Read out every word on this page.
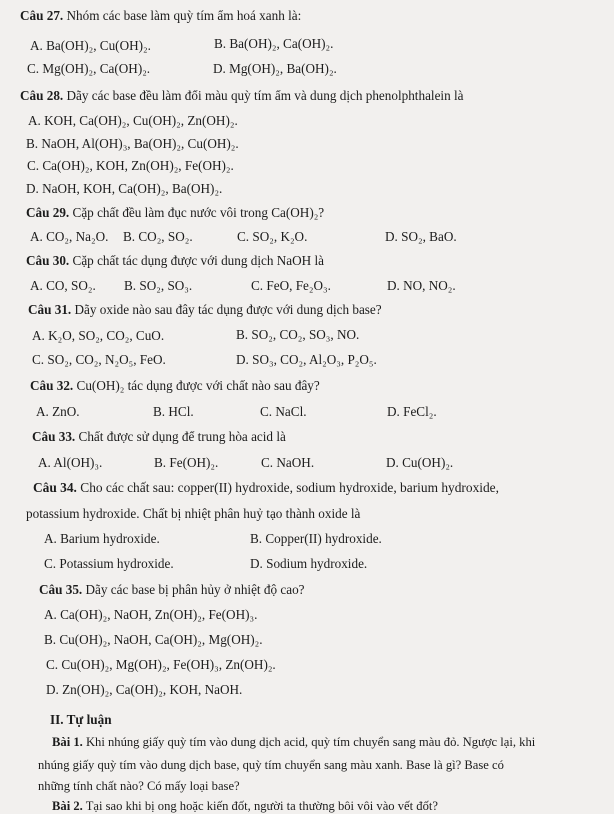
Câu 27. Nhóm các base làm quỳ tím ẩm hoá xanh là:
A. Ba(OH)₂, Cu(OH)₂.	B. Ba(OH)₂, Ca(OH)₂.
C. Mg(OH)₂, Ca(OH)₂.	D. Mg(OH)₂, Ba(OH)₂.
Câu 28. Dãy các base đều làm đổi màu quỳ tím ẩm và dung dịch phenolphthalein là
A. KOH, Ca(OH)₂, Cu(OH)₂, Zn(OH)₂.
B. NaOH, Al(OH)₃, Ba(OH)₂, Cu(OH)₂.
C. Ca(OH)₂, KOH, Zn(OH)₂, Fe(OH)₂.
D. NaOH, KOH, Ca(OH)₂, Ba(OH)₂.
Câu 29. Cặp chất đều làm đục nước vôi trong Ca(OH)₂?
A. CO₂, Na₂O. B. CO₂, SO₂.	C. SO₂, K₂O.	D. SO₂, BaO.
Câu 30. Cặp chất tác dụng được với dung dịch NaOH là
A. CO, SO₂. B. SO₂, SO₃.	C. FeO, Fe₂O₃.	D. NO, NO₂.
Câu 31. Dãy oxide nào sau đây tác dụng được với dung dịch base?
A. K₂O, SO₂, CO₂, CuO.	B. SO₂, CO₂, SO₃, NO.
C. SO₂, CO₂, N₂O₅, FeO.	D. SO₃, CO₂, Al₂O₃, P₂O₅.
Câu 32. Cu(OH)₂ tác dụng được với chất nào sau đây?
A. ZnO.	B. HCl.	C. NaCl.	D. FeCl₂.
Câu 33. Chất được sử dụng để trung hòa acid là
A. Al(OH)₃.	B. Fe(OH)₂.	C. NaOH.	D. Cu(OH)₂.
Câu 34. Cho các chất sau: copper(II) hydroxide, sodium hydroxide, barium hydroxide,
potassium hydroxide. Chất bị nhiệt phân huỷ tạo thành oxide là
A. Barium hydroxide.	B. Copper(II) hydroxide.
C. Potassium hydroxide.	D. Sodium hydroxide.
Câu 35. Dãy các base bị phân hủy ở nhiệt độ cao?
A. Ca(OH)₂, NaOH, Zn(OH)₂, Fe(OH)₃.
B. Cu(OH)₂, NaOH, Ca(OH)₂, Mg(OH)₂.
C. Cu(OH)₂, Mg(OH)₂, Fe(OH)₃, Zn(OH)₂.
D. Zn(OH)₂, Ca(OH)₂, KOH, NaOH.
II. Tự luận
Bài 1. Khi nhúng giấy quỳ tím vào dung dịch acid, quỳ tím chuyển sang màu đỏ. Ngược lại, khi
nhúng giấy quỳ tím vào dung dịch base, quỳ tím chuyển sang màu xanh. Base là gì? Base có
những tính chất nào? Có mấy loại base?
Bài 2. Tại sao khi bị ong hoặc kiến đốt, người ta thường bôi vôi vào vết đốt?
